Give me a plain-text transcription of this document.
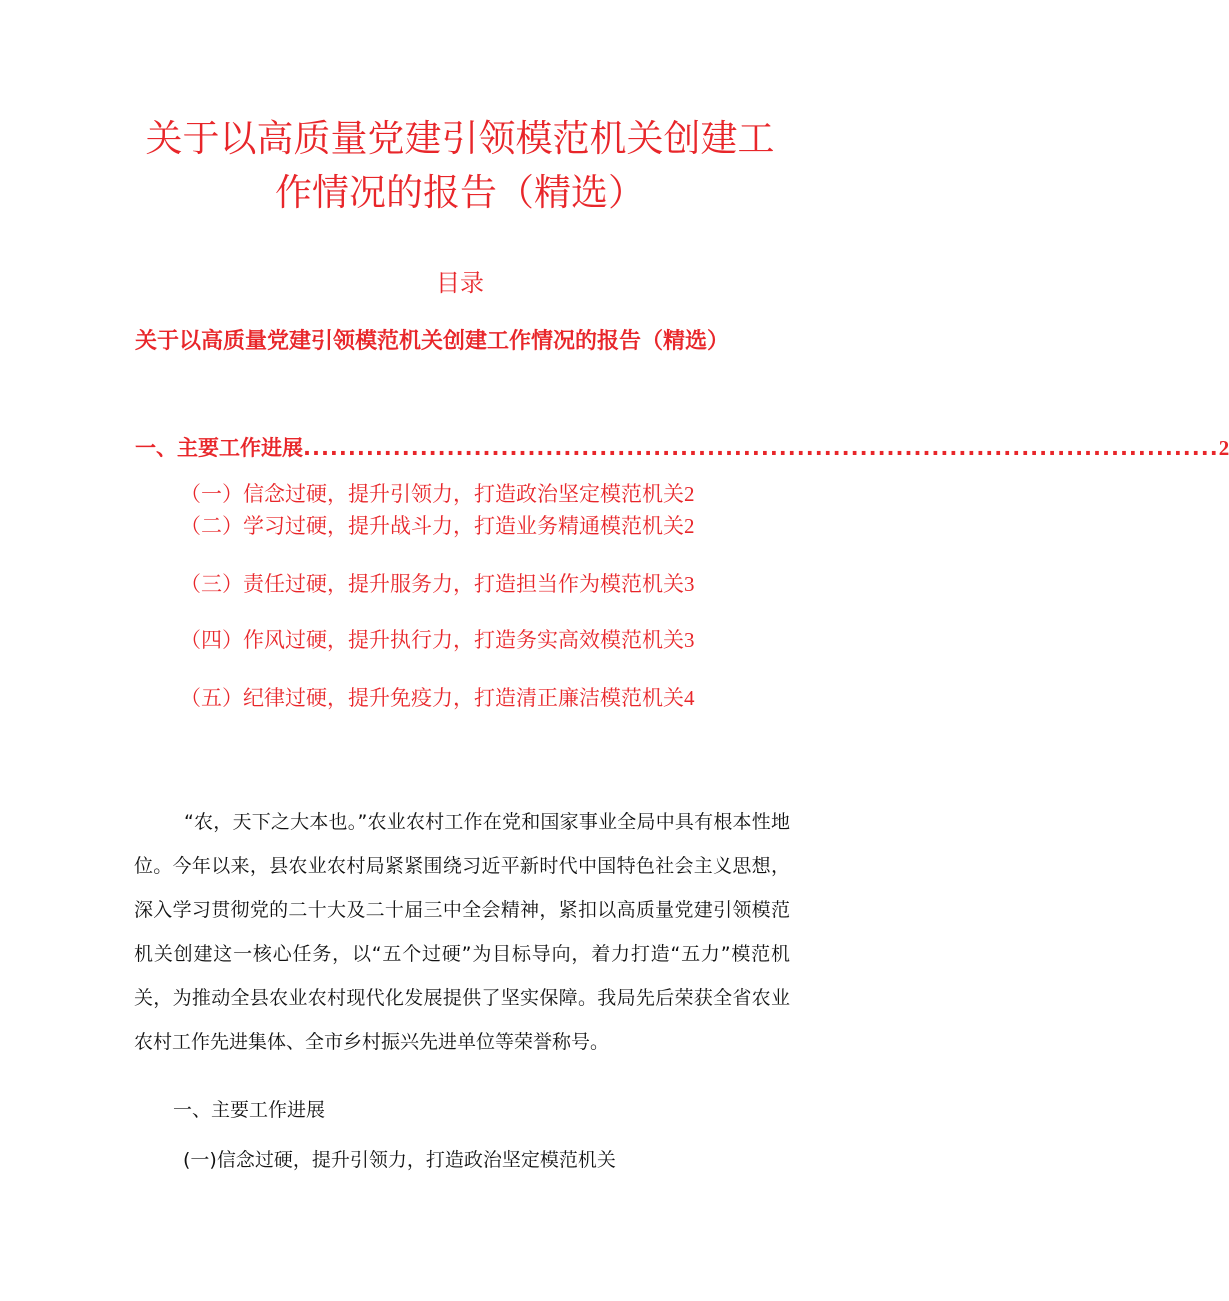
关于以高质量党建引领模范机关创建工
作情况的报告（精选）
目录
关于以高质量党建引领模范机关创建工作情况的报告（精选）
一、主要工作进展 ...................................................................................................... 2
（一）信念过硬，提升引领力，打造政治坚定模范机关2
（二）学习过硬，提升战斗力，打造业务精通模范机关2
（三）责任过硬，提升服务力，打造担当作为模范机关3
（四）作风过硬，提升执行力，打造务实高效模范机关3
（五）纪律过硬，提升免疫力，打造清正廉洁模范机关4

“农，天下之大本也。”农业农村工作在党和国家事业全局中具有根本性地位。今年以来，县农业农村局紧紧围绕习近平新时代中国特色社会主义思想，深入学习贯彻党的二十大及二十届三中全会精神，紧扣以高质量党建引领模范机关创建这一核心任务，以“五个过硬”为目标导向，着力打造“五力”模范机关，为推动全县农业农村现代化发展提供了坚实保障。我局先后荣获全省农业农村工作先进集体、全市乡村振兴先进单位等荣誉称号。

一、主要工作进展
(一)信念过硬，提升引领力，打造政治坚定模范机关
